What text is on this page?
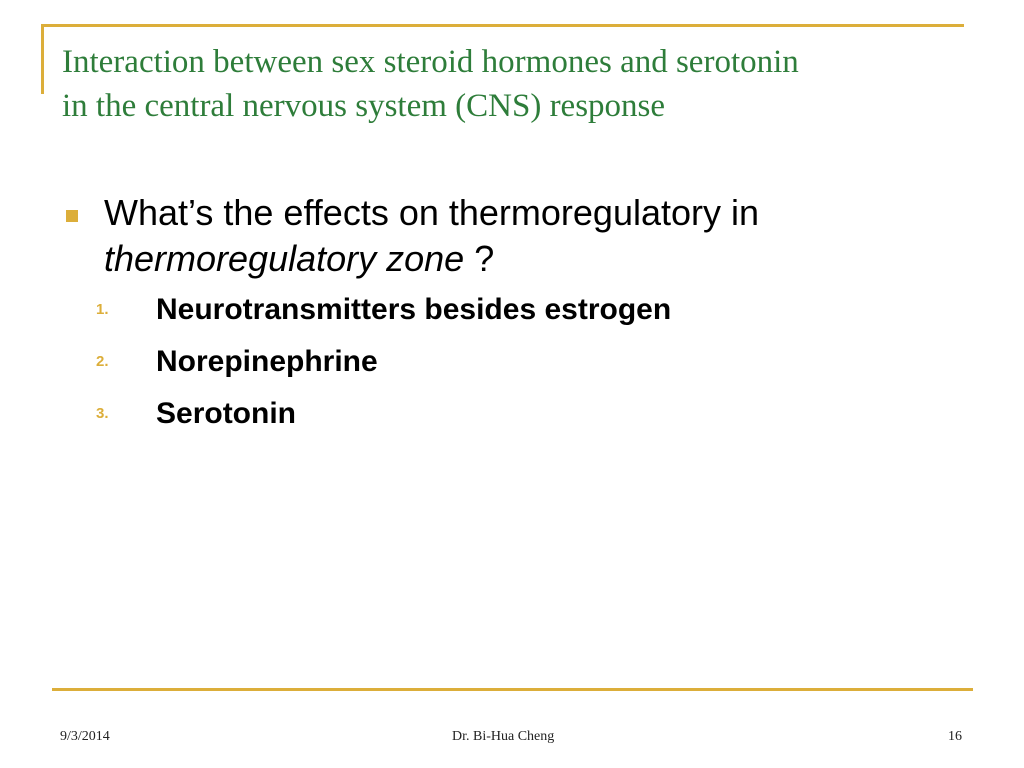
Interaction between sex steroid hormones and serotonin
in the central nervous system (CNS) response
What’s the effects on thermoregulatory in
thermoregulatory zone ?
1. Neurotransmitters besides estrogen
2. Norepinephrine
3. Serotonin
9/3/2014	Dr. Bi-Hua Cheng	16
